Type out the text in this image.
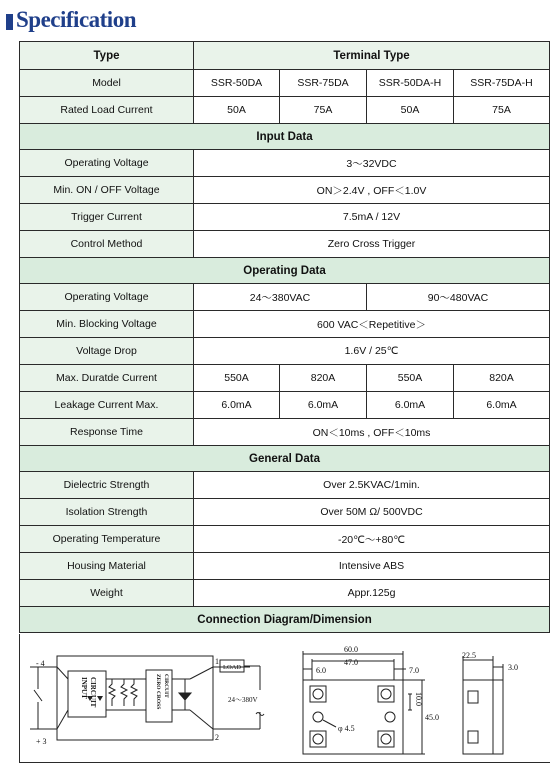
Specification
Type	Terminal Type			
Model	SSR-50DA	SSR-75DA	SSR-50DA-H	SSR-75DA-H
Rated Load Current	50A	75A	50A	75A
Input Data				
Operating Voltage	3～32VDC			
Min. ON / OFF Voltage	ON＞2.4V , OFF＜1.0V			
Trigger Current	7.5mA / 12V			
Control Method	Zero Cross Trigger			
Operating Data				
Operating Voltage	24～380VAC		90～480VAC	
Min. Blocking Voltage	600 VAC＜Repetitive＞			
Voltage Drop	1.6V / 25℃			
Max. Duratde Current	550A	820A	550A	820A
Leakage Current Max.	6.0mA	6.0mA	6.0mA	6.0mA
Response Time	ON＜10ms , OFF＜10ms			
General Data				
Dielectric Strength	Over 2.5KVAC/1min.			
Isolation Strength	Over 50M Ω/ 500VDC			
Operating Temperature	-20℃～+80℃			
Housing Material	Intensive ABS			
Weight	Appr.125g			
Connection Diagram/Dimension				
- 4
+ 3
1
2
LOAD
24～380V
INPUT CIRCUIT	ZERO CROSS CIRCUIT
60.0
47.0
6.0	7.0
45.0
10.0
φ 4.5
22.5
3.0
